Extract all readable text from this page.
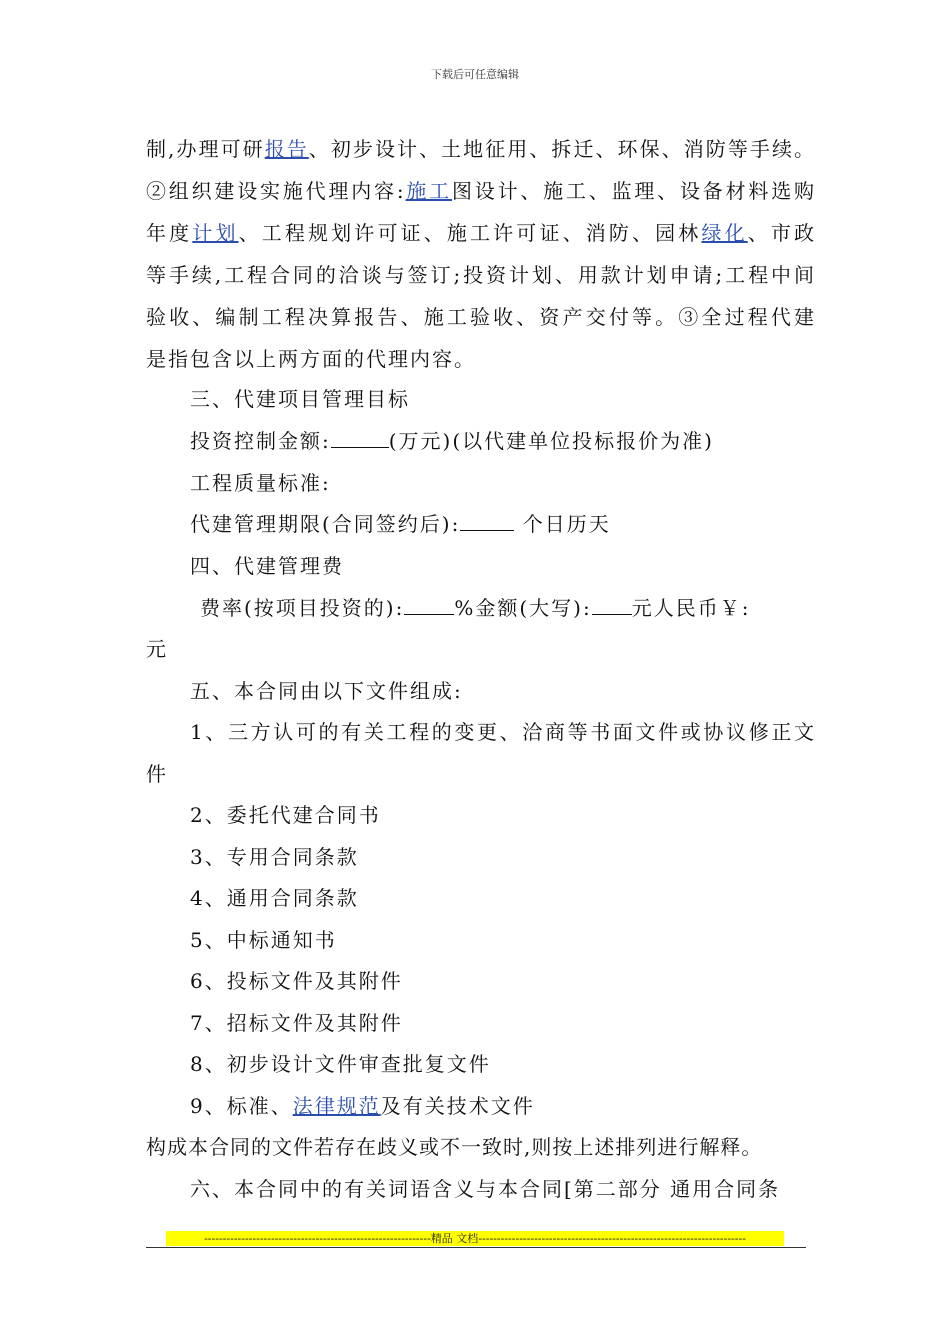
下载后可任意编辑
制,办理可研报告、初步设计、土地征用、拆迁、环保、消防等手续。
②组织建设实施代理内容:施工图设计、施工、监理、设备材料选购
年度计划、工程规划许可证、施工许可证、消防、园林绿化、市政
等手续,工程合同的洽谈与签订;投资计划、用款计划申请;工程中间
验收、编制工程决算报告、施工验收、资产交付等。③全过程代建
是指包含以上两方面的代理内容。
三、代建项目管理目标
投资控制金额:	(万元)(以代建单位投标报价为准)
工程质量标准:
代建管理期限(合同签约后):	个日历天
四、代建管理费
费率(按项目投资的):	%金额(大写): 元人民币￥:
元
五、本合同由以下文件组成:
1、三方认可的有关工程的变更、洽商等书面文件或协议修正文
件
2、委托代建合同书
3、专用合同条款
4、通用合同条款
5、中标通知书
6、投标文件及其附件
7、招标文件及其附件
8、初步设计文件审查批复文件
9、标准、法律规范及有关技术文件
构成本合同的文件若存在歧义或不一致时,则按上述排列进行解释。
六、本合同中的有关词语含义与本合同[第二部分 通用合同条
-------------------------------------------------------------精品 文档------------------------------------------------------------------------
